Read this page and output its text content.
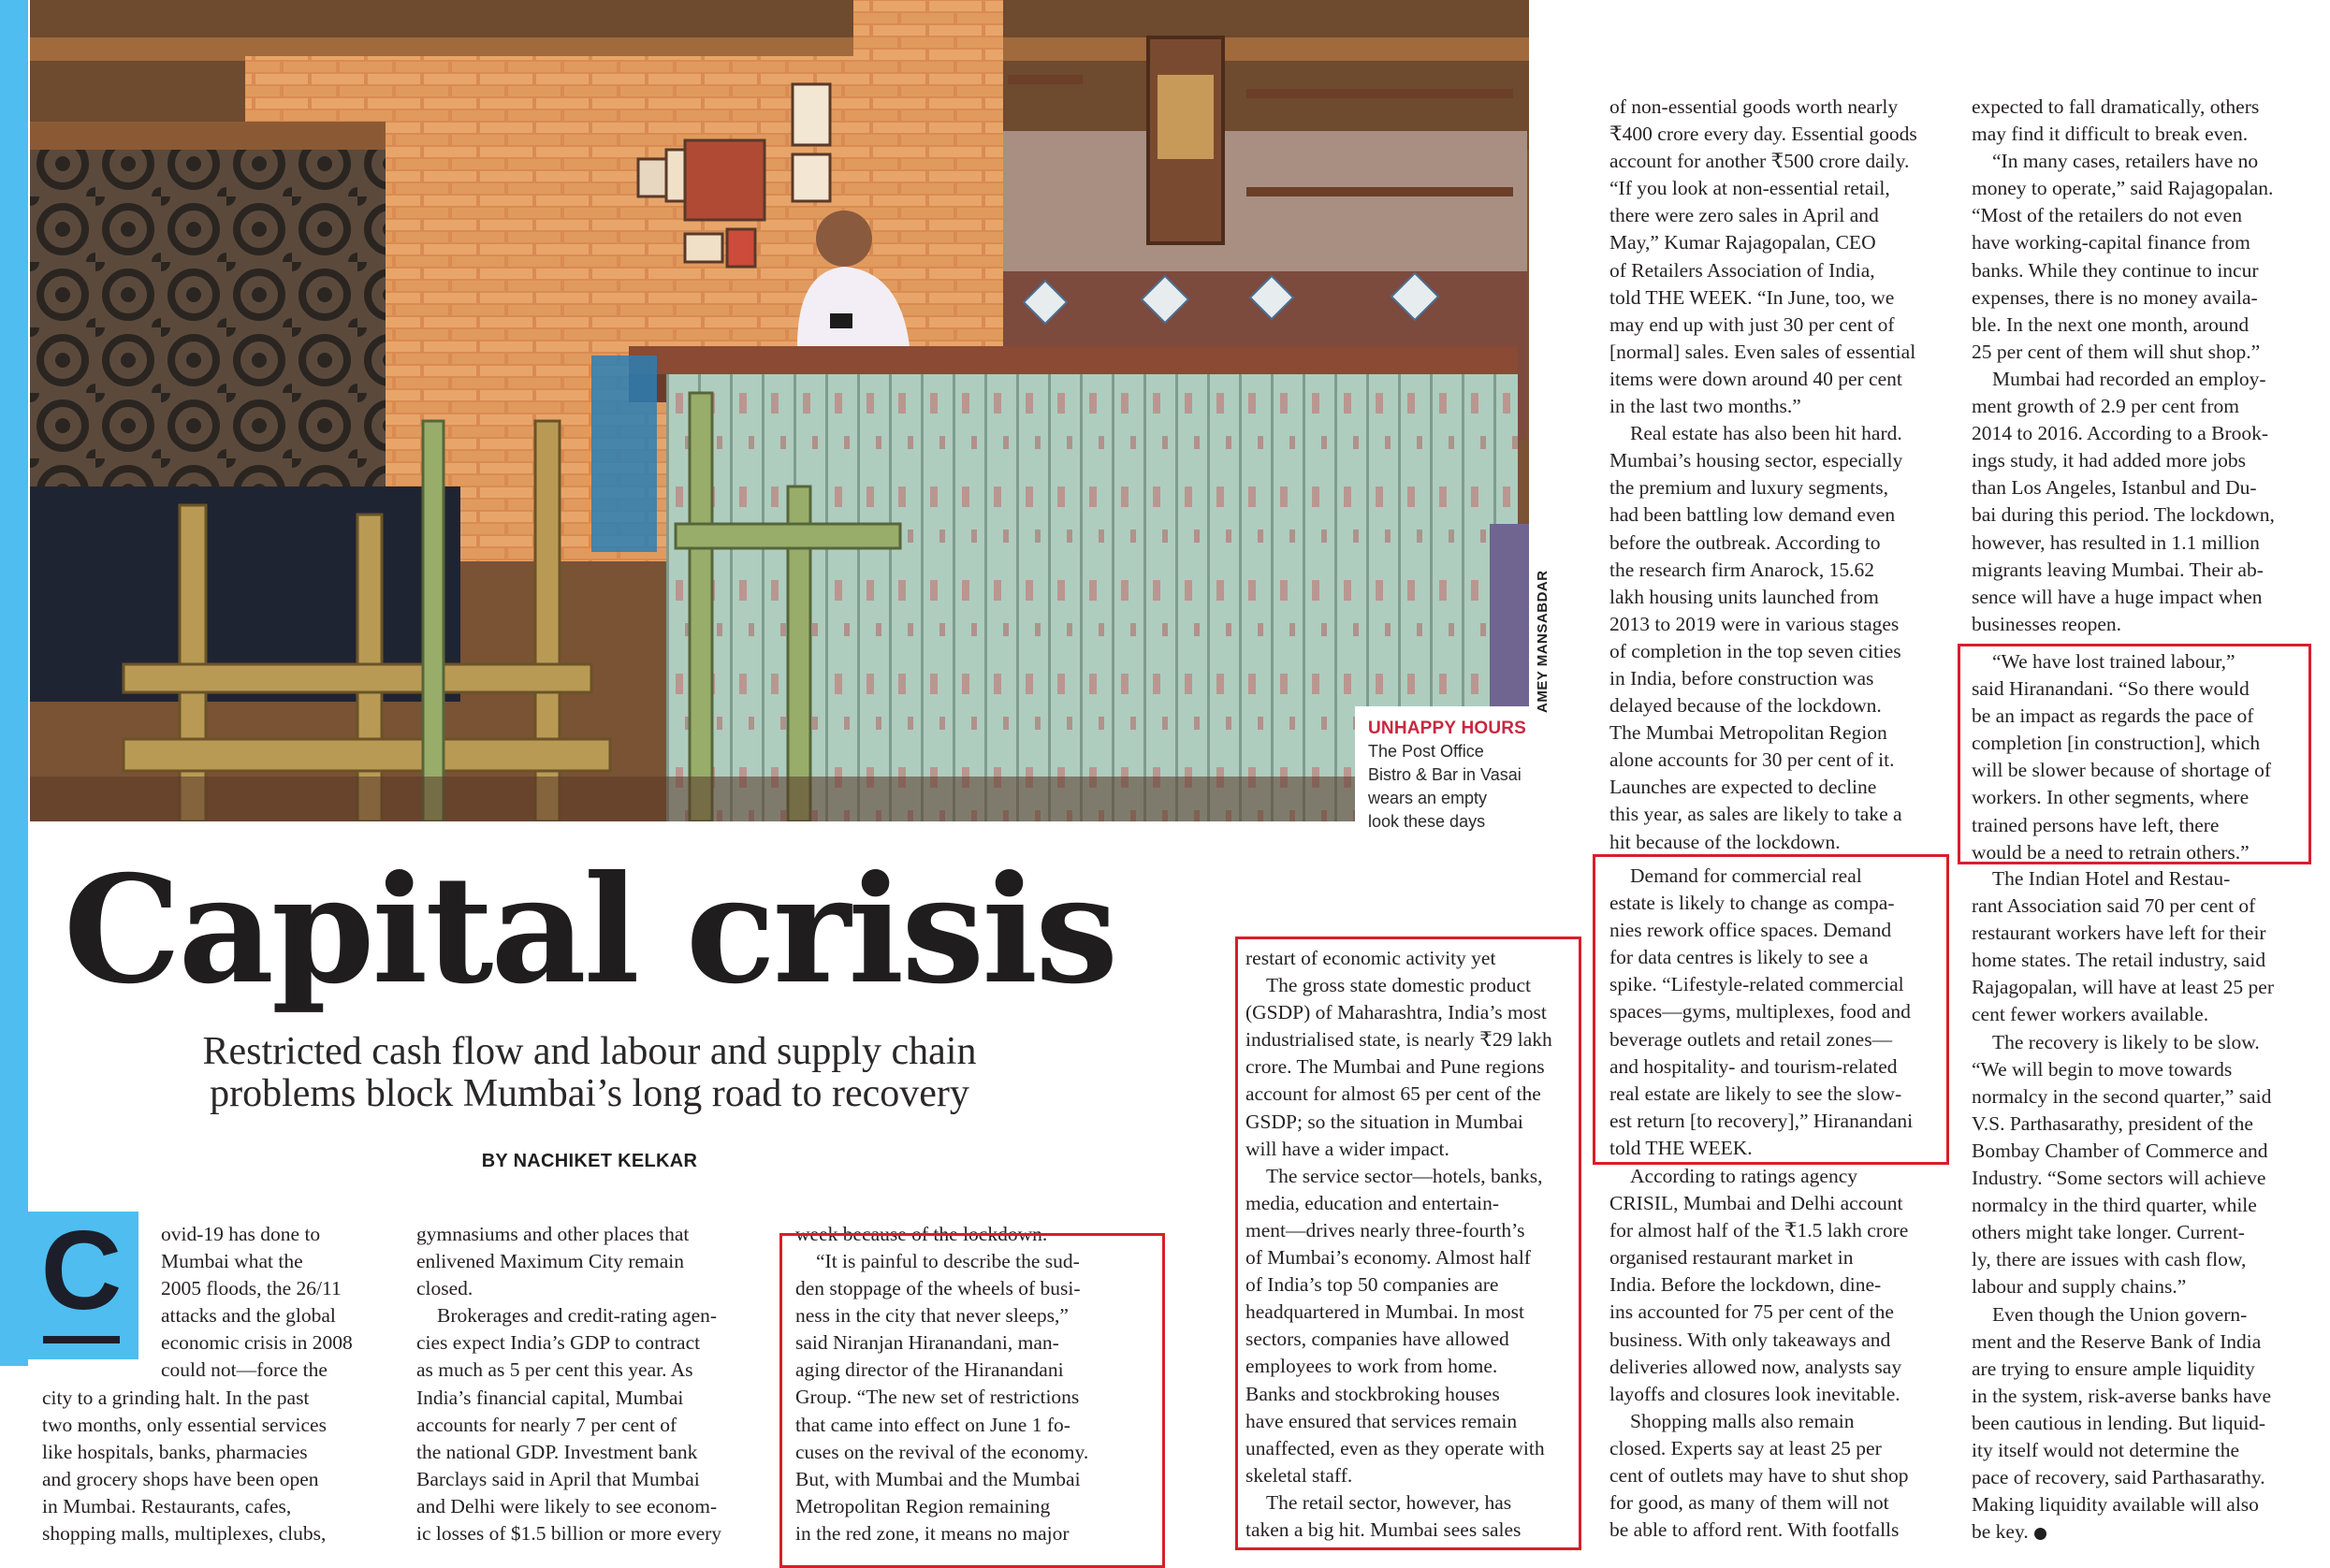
UNHAPPY HOURS
The Post Office
Bistro & Bar in Vasai
wears an empty
look these days
AMEY MANSABDAR
Capital crisis
Restricted cash flow and labour and supply chain
problems block Mumbai’s long road to recovery
BY NACHIKET KELKAR
C ovid-19 has done to

Mumbai what the

2005 floods, the 26/11

attacks and the global

economic crisis in 2008

could not—force the

city to a grinding halt. In the past

two months, only essential services

like hospitals, banks, pharmacies

and grocery shops have been open

in Mumbai. Restaurants, cafes,

shopping malls, multiplexes, clubs,

gymnasiums and other places that

enlivened Maximum City remain

closed.

Brokerages and credit-rating agen-

cies expect India’s GDP to contract

as much as 5 per cent this year. As

India’s financial capital, Mumbai

accounts for nearly 7 per cent of

the national GDP. Investment bank

Barclays said in April that Mumbai

and Delhi were likely to see econom-

ic losses of $1.5 billion or more every

week because of the lockdown.

“It is painful to describe the sud-

den stoppage of the wheels of busi-

ness in the city that never sleeps,”

said Niranjan Hiranandani, man-

aging director of the Hiranandani

Group. “The new set of restrictions

that came into effect on June 1 fo-

cuses on the revival of the economy.

But, with Mumbai and the Mumbai

Metropolitan Region remaining

in the red zone, it means no major

restart of economic activity yet

The gross state domestic product

(GSDP) of Maharashtra, India’s most

industrialised state, is nearly ₹29 lakh

crore. The Mumbai and Pune regions

account for almost 65 per cent of the

GSDP; so the situation in Mumbai

will have a wider impact.

The service sector—hotels, banks,

media, education and entertain-

ment—drives nearly three-fourth’s

of Mumbai’s economy. Almost half

of India’s top 50 companies are

headquartered in Mumbai. In most

sectors, companies have allowed

employees to work from home.

Banks and stockbroking houses

have ensured that services remain

unaffected, even as they operate with

skeletal staff.

The retail sector, however, has

taken a big hit. Mumbai sees sales

of non-essential goods worth nearly

₹400 crore every day. Essential goods

account for another ₹500 crore daily.

“If you look at non-essential retail,

there were zero sales in April and

May,” Kumar Rajagopalan, CEO

of Retailers Association of India,

told THE WEEK. “In June, too, we

may end up with just 30 per cent of

[normal] sales. Even sales of essential

items were down around 40 per cent

in the last two months.”

Real estate has also been hit hard.

Mumbai’s housing sector, especially

the premium and luxury segments,

had been battling low demand even

before the outbreak. According to

the research firm Anarock, 15.62

lakh housing units launched from

2013 to 2019 were in various stages

of completion in the top seven cities

in India, before construction was

delayed because of the lockdown.

The Mumbai Metropolitan Region

alone accounts for 30 per cent of it.

Launches are expected to decline

this year, as sales are likely to take a

hit because of the lockdown.

Demand for commercial real

estate is likely to change as compa-

nies rework office spaces. Demand

for data centres is likely to see a

spike. “Lifestyle-related commercial

spaces—gyms, multiplexes, food and

beverage outlets and retail zones—

and hospitality- and tourism-related

real estate are likely to see the slow-

est return [to recovery],” Hiranandani

told THE WEEK.

According to ratings agency

CRISIL, Mumbai and Delhi account

for almost half of the ₹1.5 lakh crore

organised restaurant market in

India. Before the lockdown, dine-

ins accounted for 75 per cent of the

business. With only takeaways and

deliveries allowed now, analysts say

layoffs and closures look inevitable.

Shopping malls also remain

closed. Experts say at least 25 per

cent of outlets may have to shut shop

for good, as many of them will not

be able to afford rent. With footfalls

expected to fall dramatically, others

may find it difficult to break even.

“In many cases, retailers have no

money to operate,” said Rajagopalan.

“Most of the retailers do not even

have working-capital finance from

banks. While they continue to incur

expenses, there is no money availa-

ble. In the next one month, around

25 per cent of them will shut shop.”

Mumbai had recorded an employ-

ment growth of 2.9 per cent from

2014 to 2016. According to a Brook-

ings study, it had added more jobs

than Los Angeles, Istanbul and Du-

bai during this period. The lockdown,

however, has resulted in 1.1 million

migrants leaving Mumbai. Their ab-

sence will have a huge impact when

businesses reopen.

“We have lost trained labour,”

said Hiranandani. “So there would

be an impact as regards the pace of

completion [in construction], which

will be slower because of shortage of

workers. In other segments, where

trained persons have left, there

would be a need to retrain others.”

The Indian Hotel and Restau-

rant Association said 70 per cent of

restaurant workers have left for their

home states. The retail industry, said

Rajagopalan, will have at least 25 per

cent fewer workers available.

The recovery is likely to be slow.

“We will begin to move towards

normalcy in the second quarter,” said

V.S. Parthasarathy, president of the

Bombay Chamber of Commerce and

Industry. “Some sectors will achieve

normalcy in the third quarter, while

others might take longer. Current-

ly, there are issues with cash flow,

labour and supply chains.”

Even though the Union govern-

ment and the Reserve Bank of India

are trying to ensure ample liquidity

in the system, risk-averse banks have

been cautious in lending. But liquid-

ity itself would not determine the

pace of recovery, said Parthasarathy.

Making liquidity available will also

be key.
